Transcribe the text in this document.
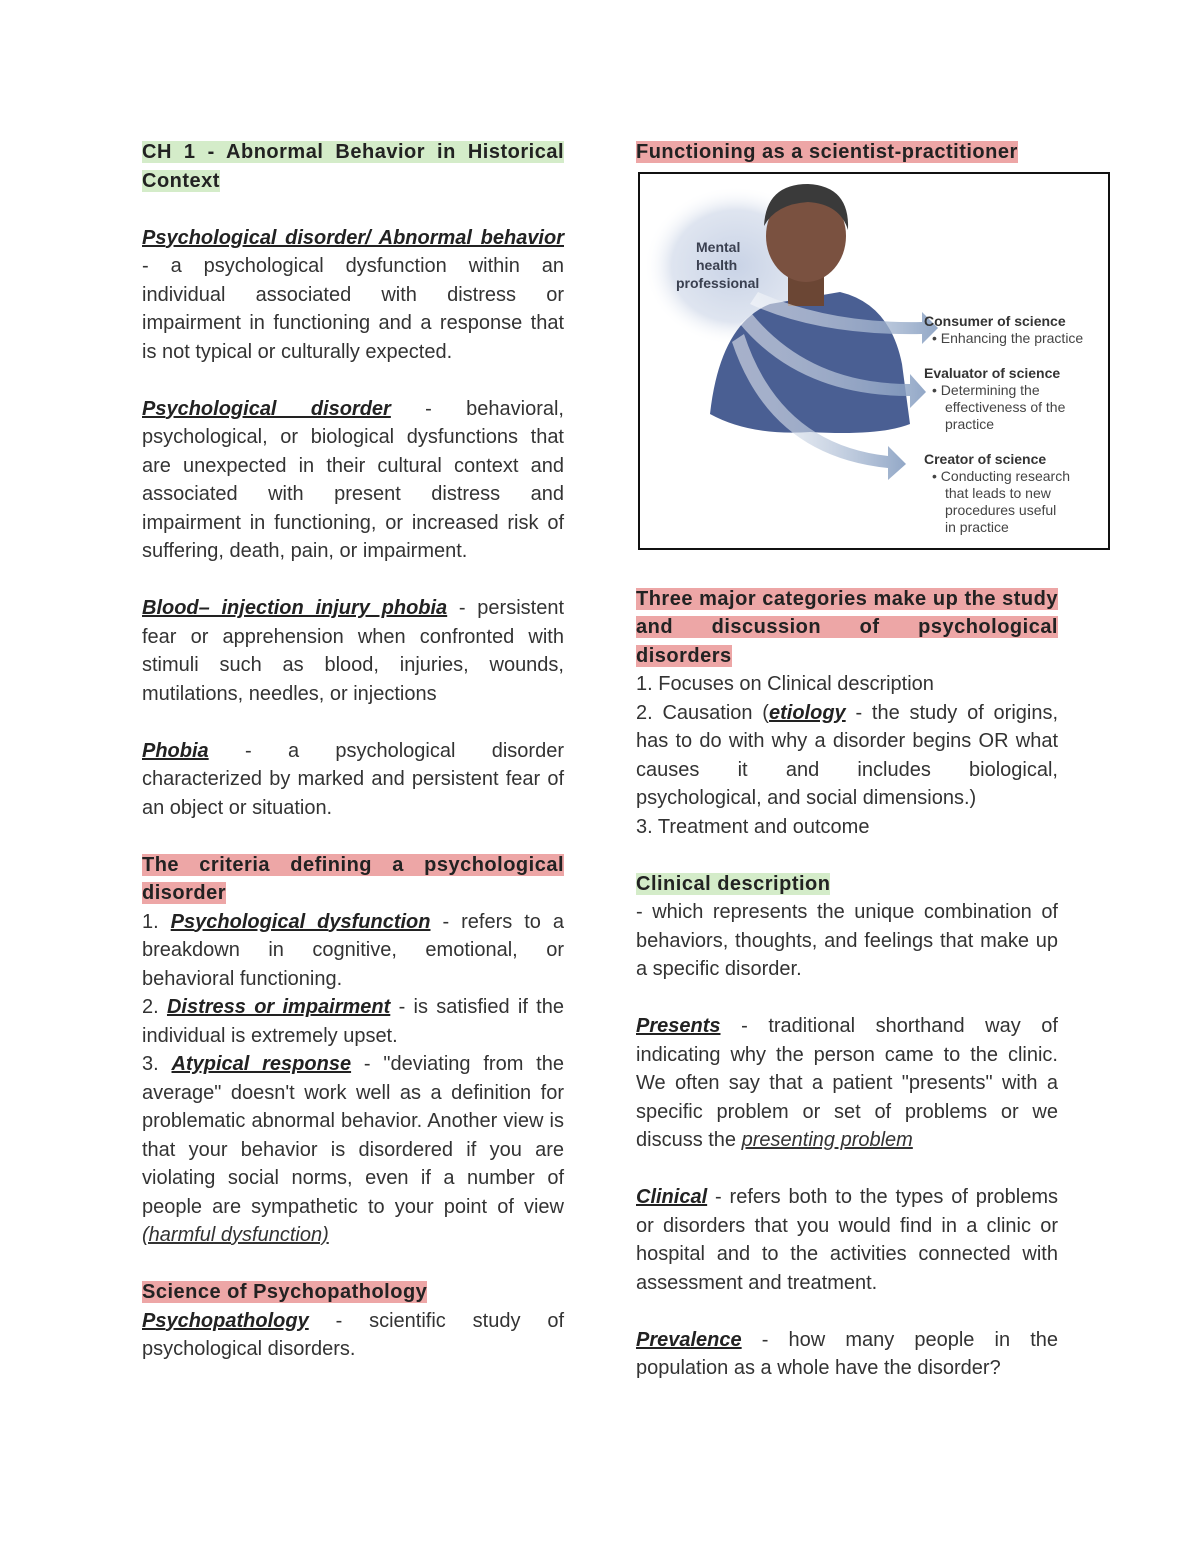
CH 1 - Abnormal Behavior in Historical Context

Psychological disorder/ Abnormal behavior - a psychological dysfunction within an individual associated with distress or impairment in functioning and a response that is not typical or culturally expected.

Psychological disorder - behavioral, psychological, or biological dysfunctions that are unexpected in their cultural context and associated with present distress and impairment in functioning, or increased risk of suffering, death, pain, or impairment.

Blood– injection injury phobia - persistent fear or apprehension when confronted with stimuli such as blood, injuries, wounds, mutilations, needles, or injections

Phobia - a psychological disorder characterized by marked and persistent fear of an object or situation.

The criteria defining a psychological disorder

1. Psychological dysfunction - refers to a breakdown in cognitive, emotional, or behavioral functioning.

2. Distress or impairment - is satisfied if the individual is extremely upset.

3. Atypical response - "deviating from the average" doesn't work well as a definition for problematic abnormal behavior. Another view is that your behavior is disordered if you are violating social norms, even if a number of people are sympathetic to your point of view (harmful dysfunction)

Science of Psychopathology

Psychopathology - scientific study of psychological disorders.

Functioning as a scientist-practitioner

Three major categories make up the study and discussion of psychological disorders

1. Focuses on Clinical description

2. Causation (etiology - the study of origins, has to do with why a disorder begins OR what causes it and includes biological, psychological, and social dimensions.)

3. Treatment and outcome

Clinical description

- which represents the unique combination of behaviors, thoughts, and feelings that make up a specific disorder.

Presents - traditional shorthand way of indicating why the person came to the clinic. We often say that a patient "presents" with a specific problem or set of problems or we discuss the presenting problem

Clinical - refers both to the types of problems or disorders that you would find in a clinic or hospital and to the activities connected with assessment and treatment.

Prevalence - how many people in the population as a whole have the disorder?

Mental
health
professional
Consumer of science
• Enhancing the practice
Evaluator of science
• Determining the
effectiveness of the
practice
Creator of science
• Conducting research
that leads to new
procedures useful
in practice
